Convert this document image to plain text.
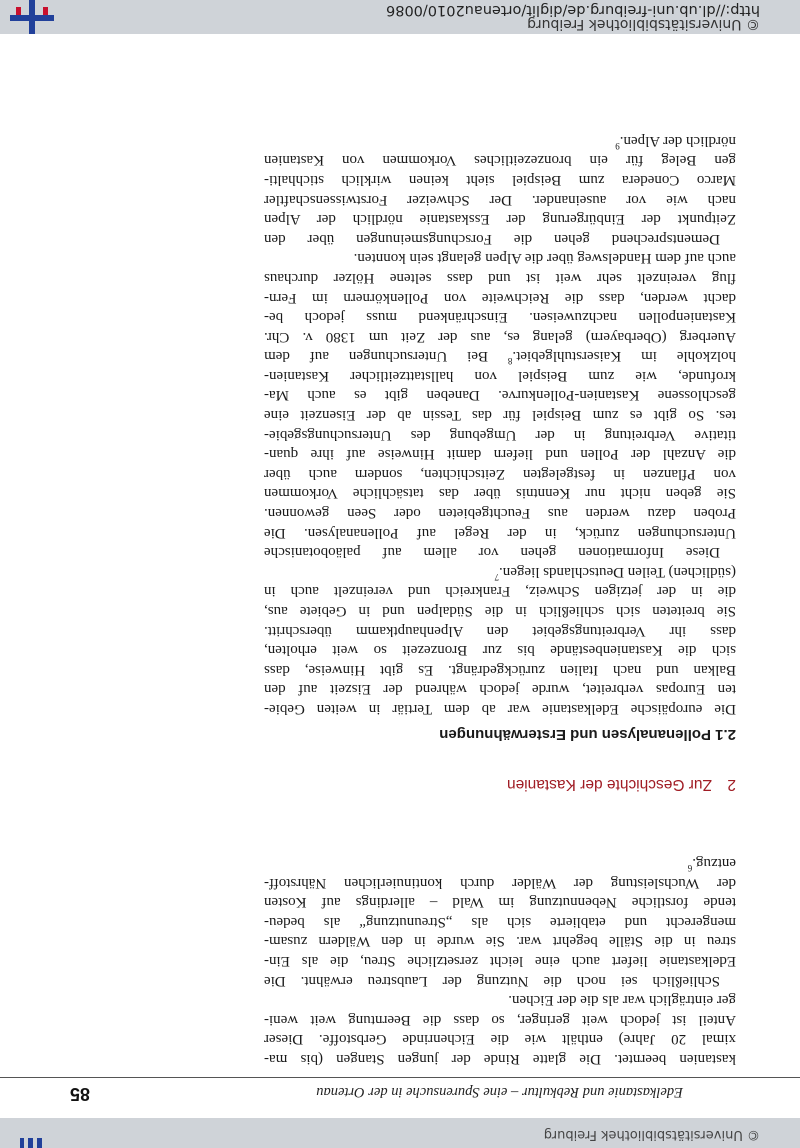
© Universitätsbibliothek Freiburg
Edelkastanie und Rebkultur – eine Spurensuche in der Ortenau
85
kastanien beerntet. Die glatte Rinde der jungen Stangen (bis ma-
ximal 20 Jahre) enthält wie die Eichenrinde Gerbstoffe. Dieser
Anteil ist jedoch weit geringer, so dass die Beerntung weit weni-
ger einträglich war als die der Eichen.
Schließlich sei noch die Nutzung der Laubstreu erwähnt. Die
Edelkastanie liefert auch eine leicht zersetzliche Streu, die als Ein-
streu in die Ställe begehrt war. Sie wurde in den Wäldern zusam-
mengerecht und etablierte sich als „Streunutzung“ als bedeu-
tende forstliche Nebennutzung im Wald – allerdings auf Kosten
der Wuchsleistung der Wälder durch kontinuierlichen Nährstoff-
entzug.$^6$
2Zur Geschichte der Kastanien
2.1 Pollenanalysen und Ersterwähnungen
Die europäische Edelkastanie war ab dem Tertiär in weiten Gebie-
ten Europas verbreitet, wurde jedoch während der Eiszeit auf den
Balkan und nach Italien zurückgedrängt. Es gibt Hinweise, dass
sich die Kastanienbestände bis zur Bronzezeit so weit erholten,
dass ihr Verbreitungsgebiet den Alpenhauptkamm überschritt.
Sie breiteten sich schließlich in die Südalpen und in Gebiete aus,
die in der jetzigen Schweiz, Frankreich und vereinzelt auch in
(südlichen) Teilen Deutschlands liegen.$^7$
Diese Informationen gehen vor allem auf paläobotanische
Untersuchungen zurück, in der Regel auf Pollenanalysen. Die
Proben dazu werden aus Feuchtgebieten oder Seen gewonnen.
Sie geben nicht nur Kenntnis über das tatsächliche Vorkommen
von Pflanzen in festgelegten Zeitschichten, sondern auch über
die Anzahl der Pollen und liefern damit Hinweise auf ihre quan-
titative Verbreitung in der Umgebung des Untersuchungsgebie-
tes. So gibt es zum Beispiel für das Tessin ab der Eisenzeit eine
geschlossene Kastanien-Pollenkurve. Daneben gibt es auch Ma-
krofunde, wie zum Beispiel von hallstattzeitlicher Kastanien-
holzkohle im Kaiserstuhlgebiet.$^8$ Bei Untersuchungen auf dem
Auerberg (Oberbayern) gelang es, aus der Zeit um 1380 v. Chr.
Kastanienpollen nachzuweisen. Einschränkend muss jedoch be-
dacht werden, dass die Reichweite von Pollenkörnern im Fern-
flug vereinzelt sehr weit ist und dass seltene Hölzer durchaus
auch auf dem Handelsweg über die Alpen gelangt sein konnten.
Dementsprechend gehen die Forschungsmeinungen über den
Zeitpunkt der Einbürgerung der Esskastanie nördlich der Alpen
nach wie vor auseinander. Der Schweizer Forstwissenschaftler
Marco Conedera zum Beispiel sieht keinen wirklich stichhalti-
gen Beleg für ein bronzezeitliches Vorkommen von Kastanien
nördlich der Alpen.$^9$
© Universitätsbibliothek Freiburg
http://dl.ub.uni-freiburg.de/diglit/ortenau2010/0086
